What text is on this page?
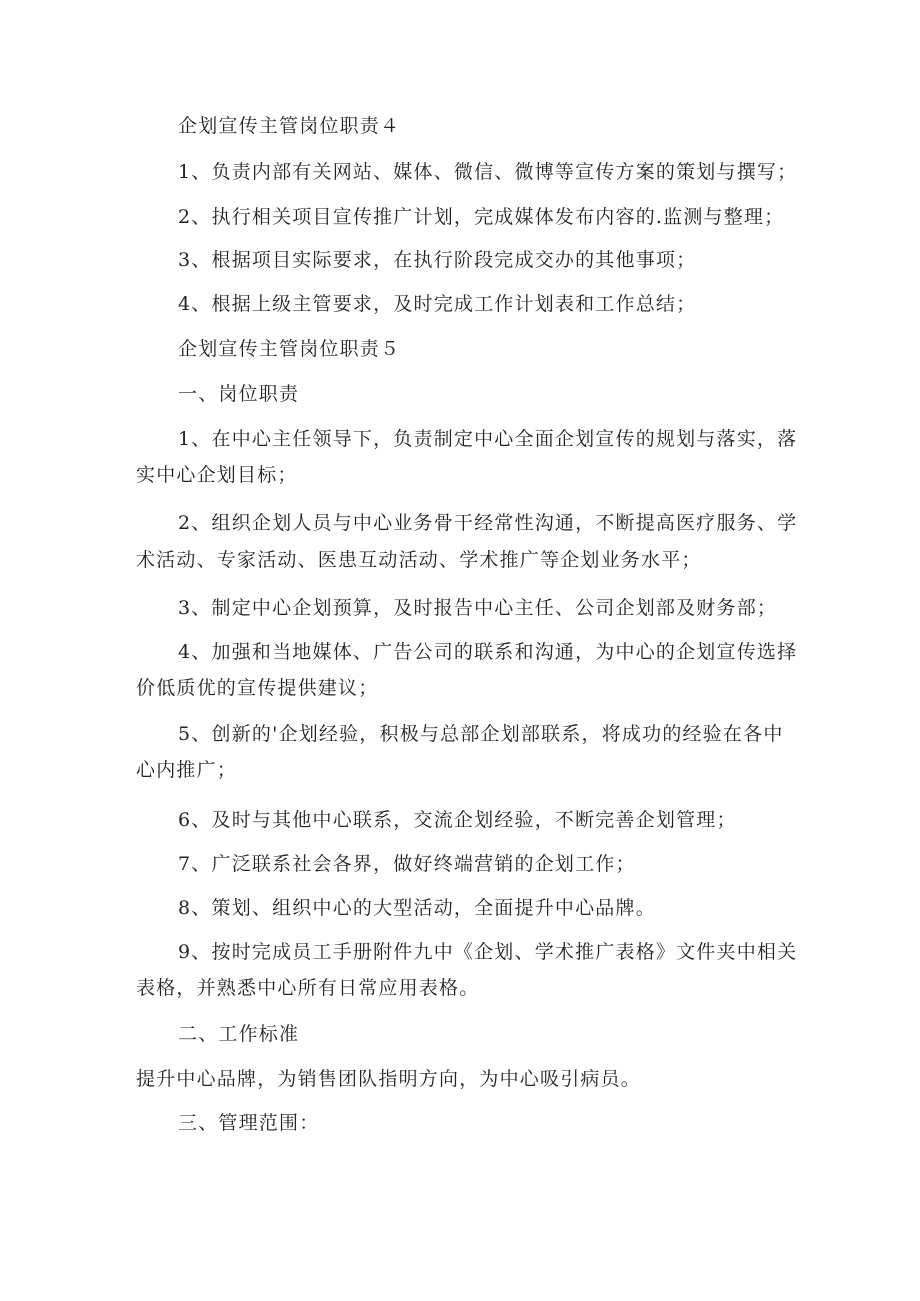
企划宣传主管岗位职责４
1、负责内部有关网站、媒体、微信、微博等宣传方案的策划与撰写；
2、执行相关项目宣传推广计划，完成媒体发布内容的.监测与整理；
3、根据项目实际要求，在执行阶段完成交办的其他事项；
4、根据上级主管要求，及时完成工作计划表和工作总结；
企划宣传主管岗位职责５
一、岗位职责
1、在中心主任领导下，负责制定中心全面企划宣传的规划与落实，落
实中心企划目标；
2、组织企划人员与中心业务骨干经常性沟通，不断提高医疗服务、学
术活动、专家活动、医患互动活动、学术推广等企划业务水平；
3、制定中心企划预算，及时报告中心主任、公司企划部及财务部；
4、加强和当地媒体、广告公司的联系和沟通，为中心的企划宣传选择
价低质优的宣传提供建议；
5、创新的'企划经验，积极与总部企划部联系，将成功的经验在各中
心内推广；
6、及时与其他中心联系，交流企划经验，不断完善企划管理；
7、广泛联系社会各界，做好终端营销的企划工作；
8、策划、组织中心的大型活动，全面提升中心品牌。
9、按时完成员工手册附件九中《企划、学术推广表格》文件夹中相关
表格，并熟悉中心所有日常应用表格。
二、工作标准
提升中心品牌，为销售团队指明方向，为中心吸引病员。
三、管理范围：
